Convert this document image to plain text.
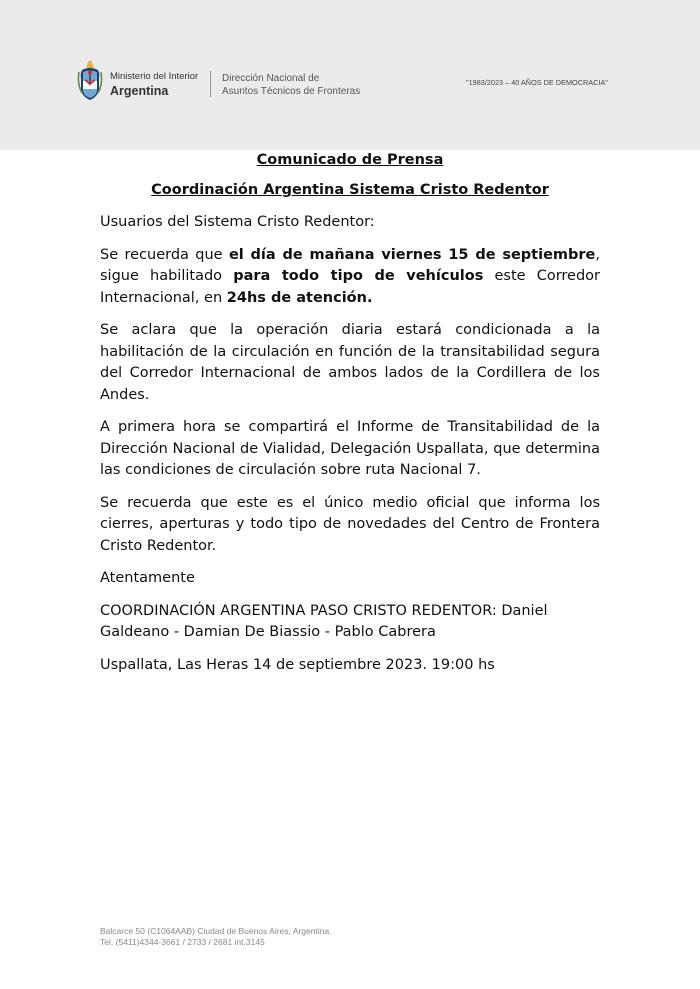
Ministerio del Interior
Argentina
Dirección Nacional de
Asuntos Técnicos de Fronteras
"1983/2023 – 40 AÑOS DE DEMOCRACIA"
Comunicado de Prensa
Coordinación Argentina Sistema Cristo Redentor

Usuarios del Sistema Cristo Redentor:

Se recuerda que el día de mañana viernes 15 de septiembre, sigue habilitado para todo tipo de vehículos este Corredor Internacional, en 24hs de atención.

Se aclara que la operación diaria estará condicionada a la habilitación de la circulación en función de la transitabilidad segura del Corredor Internacional de ambos lados de la Cordillera de los Andes.

A primera hora se compartirá el Informe de Transitabilidad de la Dirección Nacional de Vialidad, Delegación Uspallata, que determina las condiciones de circulación sobre ruta Nacional 7.

Se recuerda que este es el único medio oficial que informa los cierres, aperturas y todo tipo de novedades del Centro de Frontera Cristo Redentor.

Atentamente

COORDINACIÓN ARGENTINA PASO CRISTO REDENTOR: Daniel Galdeano - Damian De Biassio - Pablo Cabrera

Uspallata, Las Heras 14 de septiembre 2023. 19:00 hs

Balcarce 50 (C1064AAB) Ciudad de Buenos Aires, Argentina.
Tel. (5411)4344-3661 / 2733 / 2681 int.3145
